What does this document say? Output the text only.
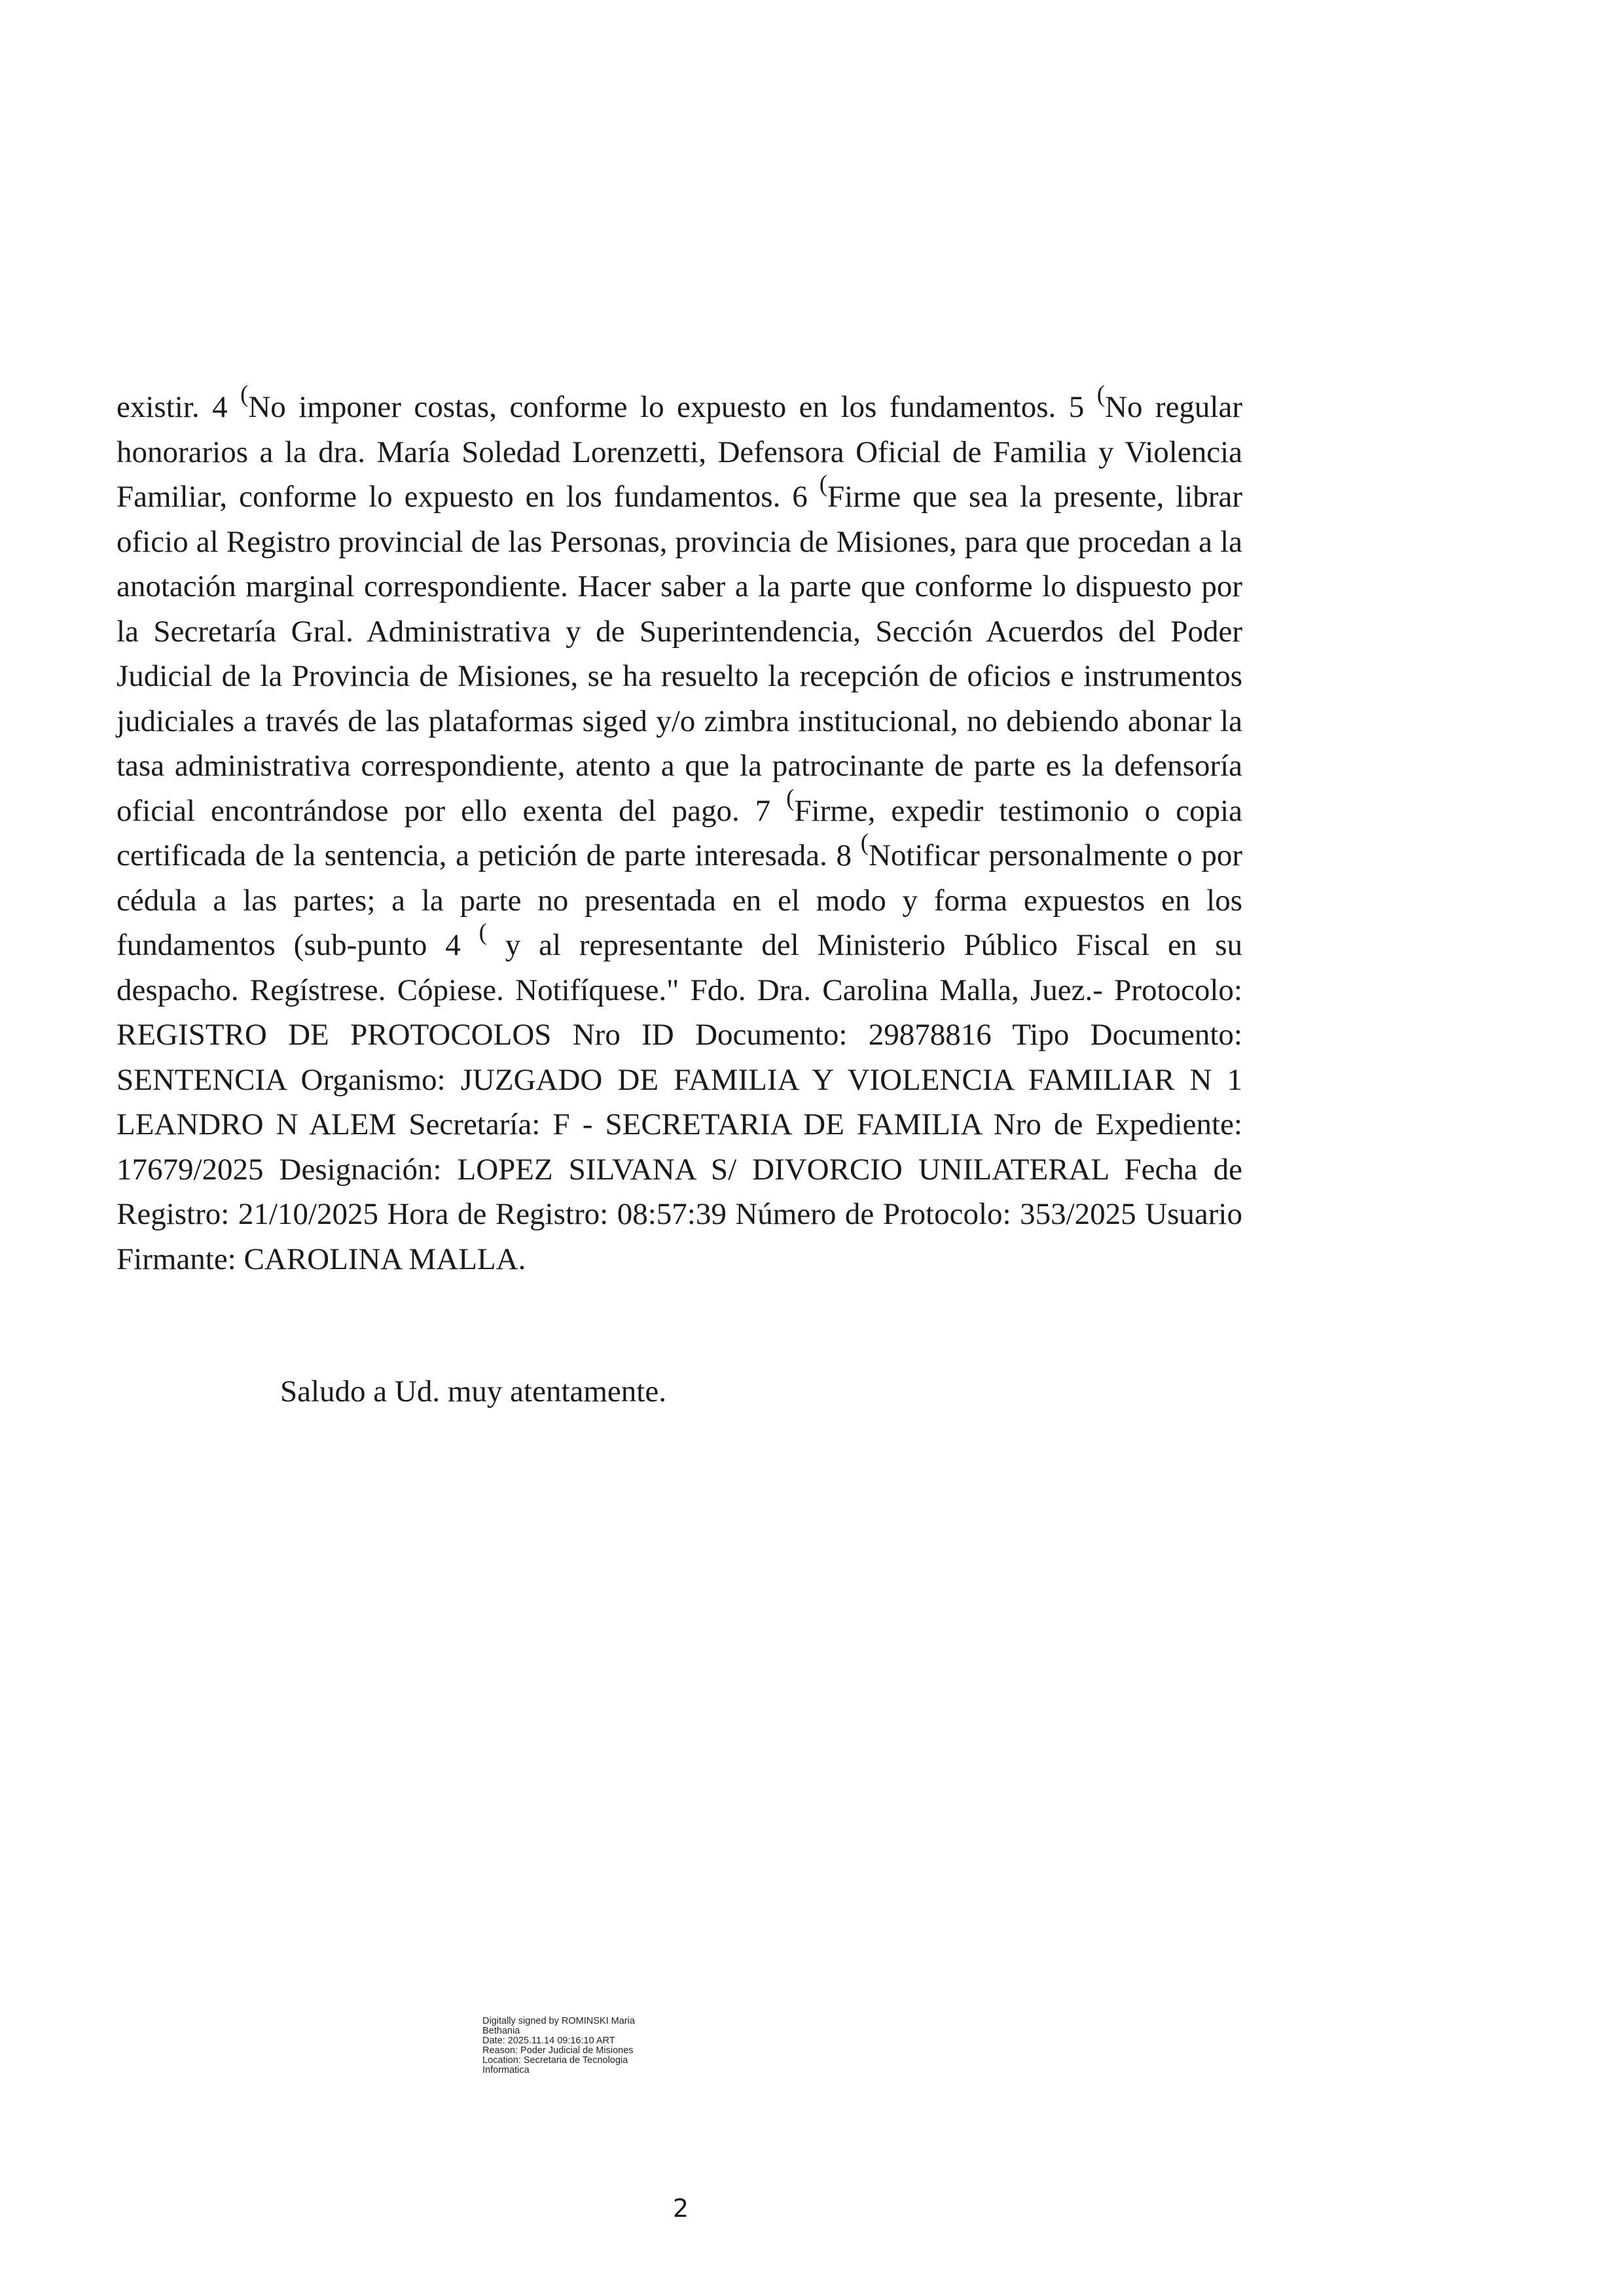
existir. 4 (No imponer costas, conforme lo expuesto en los fundamentos. 5 (No regular honorarios a la dra. María Soledad Lorenzetti, Defensora Oficial de Familia y Violencia Familiar, conforme lo expuesto en los fundamentos. 6 (Firme que sea la presente, librar oficio al Registro provincial de las Personas, provincia de Misiones, para que procedan a la anotación marginal correspondiente. Hacer saber a la parte que conforme lo dispuesto por la Secretaría Gral. Administrativa y de Superintendencia, Sección Acuerdos del Poder Judicial de la Provincia de Misiones, se ha resuelto la recepción de oficios e instrumentos judiciales a través de las plataformas siged y/o zimbra institucional, no debiendo abonar la tasa administrativa correspondiente, atento a que la patrocinante de parte es la defensoría oficial encontrándose por ello exenta del pago. 7 (Firme, expedir testimonio o copia certificada de la sentencia, a petición de parte interesada. 8 (Notificar personalmente o por cédula a las partes; a la parte no presentada en el modo y forma expuestos en los fundamentos (sub-punto 4 ( y al representante del Ministerio Público Fiscal en su despacho. Regístrese. Cópiese. Notifíquese." Fdo. Dra. Carolina Malla, Juez.- Protocolo: REGISTRO DE PROTOCOLOS Nro ID Documento: 29878816 Tipo Documento: SENTENCIA Organismo: JUZGADO DE FAMILIA Y VIOLENCIA FAMILIAR N 1 LEANDRO N ALEM Secretaría: F - SECRETARIA DE FAMILIA Nro de Expediente: 17679/2025 Designación: LOPEZ SILVANA S/ DIVORCIO UNILATERAL Fecha de Registro: 21/10/2025 Hora de Registro: 08:57:39 Número de Protocolo: 353/2025 Usuario Firmante: CAROLINA MALLA.

Saludo a Ud. muy atentamente.

Digitally signed by ROMINSKI Maria
Bethania
Date: 2025.11.14 09:16:10 ART
Reason: Poder Judicial de Misiones
Location: Secretaria de Tecnologia
Informatica
2
